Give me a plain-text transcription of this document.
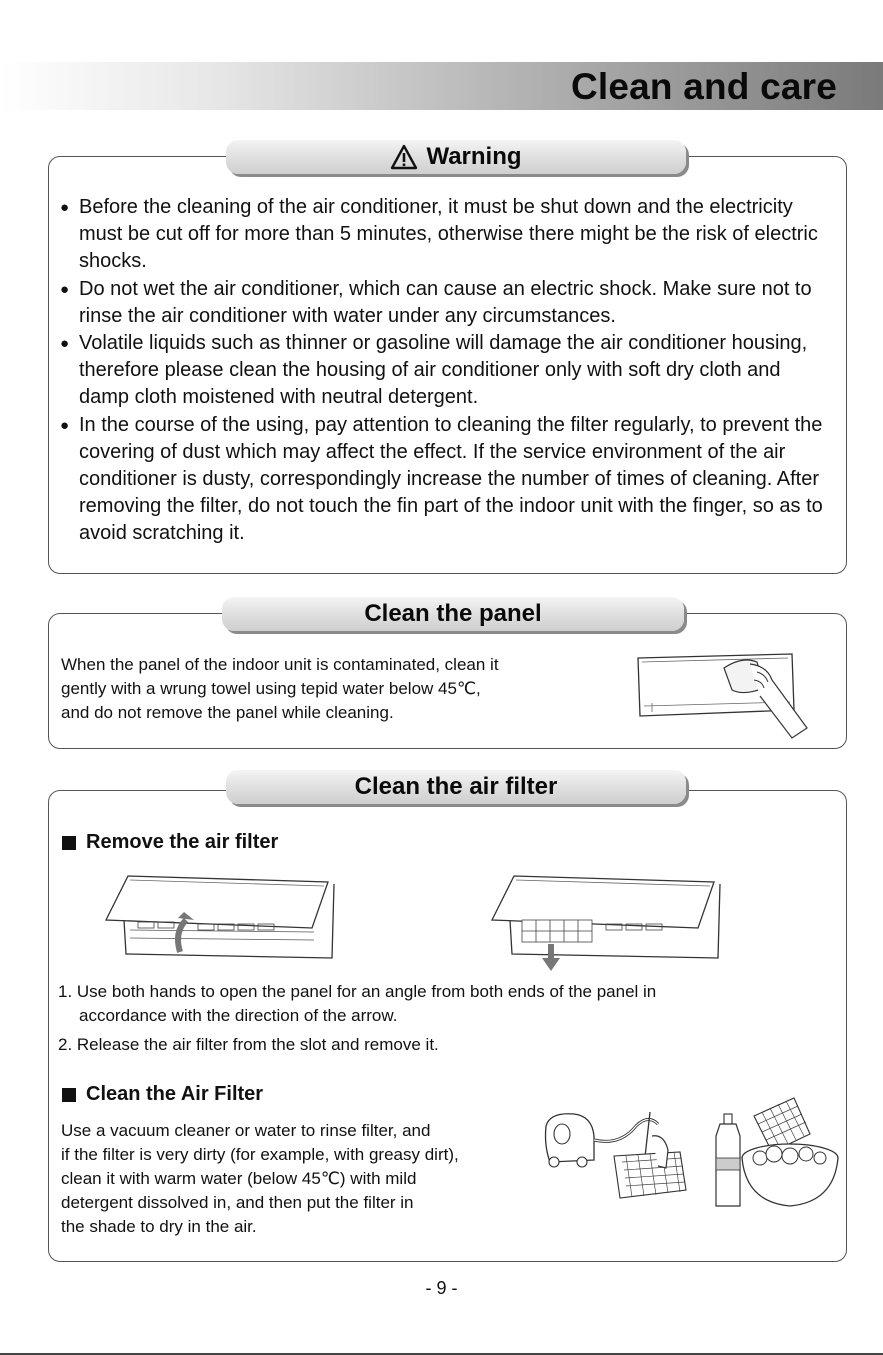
Clean and care
Warning
● Before the cleaning of the air conditioner, it must be shut down and the electricity must be cut off for more than 5 minutes, otherwise there might be the risk of electric shocks.
● Do not wet the air conditioner, which can cause an electric shock. Make sure not to rinse the air conditioner with water under any circumstances.
● Volatile liquids such as thinner or gasoline will damage the air conditioner housing, therefore please clean the housing of air conditioner only with soft dry cloth and damp cloth moistened with neutral detergent.
● In the course of the using, pay attention to cleaning the filter regularly, to prevent the covering of dust which may affect the effect. If the service environment of the air conditioner is dusty, correspondingly increase the number of times of cleaning. After removing the filter, do not touch the fin part of the indoor unit with the finger, so as to avoid scratching it.
Clean the panel
When the panel of the indoor unit is contaminated, clean it
gently with a wrung towel using tepid water below 45℃,
and do not remove the panel while cleaning.
Clean the air filter
Remove the air filter
1. Use both hands to open the panel for an angle from both ends of the panel in
accordance with the direction of the arrow.
2. Release the air filter from the slot and remove it.
Clean the Air Filter
Use a vacuum cleaner or water to rinse filter, and
if the filter is very dirty (for example, with greasy dirt),
clean it with warm water (below 45℃) with mild
detergent dissolved in, and then put the filter in
the shade to dry in the air.
- 9 -
